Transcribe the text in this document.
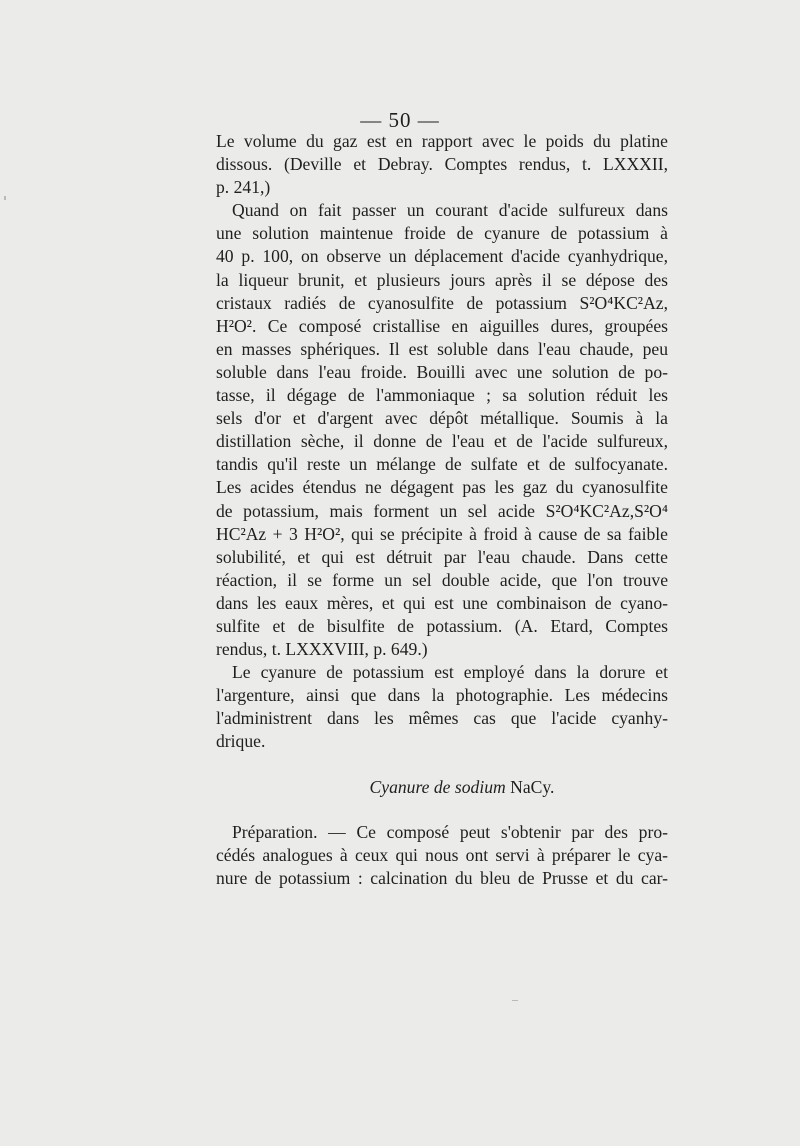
— 50 —
Le volume du gaz est en rapport avec le poids du platine
dissous. (Deville et Debray. Comptes rendus, t. LXXXII,
p. 241,)
Quand on fait passer un courant d'acide sulfureux dans
une solution maintenue froide de cyanure de potassium à
40 p. 100, on observe un déplacement d'acide cyanhydrique,
la liqueur brunit, et plusieurs jours après il se dépose des
cristaux radiés de cyanosulfite de potassium S²O⁴KC²Az,
H²O². Ce composé cristallise en aiguilles dures, groupées
en masses sphériques. Il est soluble dans l'eau chaude, peu
soluble dans l'eau froide. Bouilli avec une solution de po-
tasse, il dégage de l'ammoniaque ; sa solution réduit les
sels d'or et d'argent avec dépôt métallique. Soumis à la
distillation sèche, il donne de l'eau et de l'acide sulfureux,
tandis qu'il reste un mélange de sulfate et de sulfocyanate.
Les acides étendus ne dégagent pas les gaz du cyanosulfite
de potassium, mais forment un sel acide S²O⁴KC²Az,S²O⁴
HC²Az + 3 H²O², qui se précipite à froid à cause de sa faible
solubilité, et qui est détruit par l'eau chaude. Dans cette
réaction, il se forme un sel double acide, que l'on trouve
dans les eaux mères, et qui est une combinaison de cyano-
sulfite et de bisulfite de potassium. (A. Etard, Comptes
rendus, t. LXXXVIII, p. 649.)
Le cyanure de potassium est employé dans la dorure et
l'argenture, ainsi que dans la photographie. Les médecins
l'administrent dans les mêmes cas que l'acide cyanhy-
drique.
Cyanure de sodium NaCy.
Préparation. — Ce composé peut s'obtenir par des pro-
cédés analogues à ceux qui nous ont servi à préparer le cya-
nure de potassium : calcination du bleu de Prusse et du car-
